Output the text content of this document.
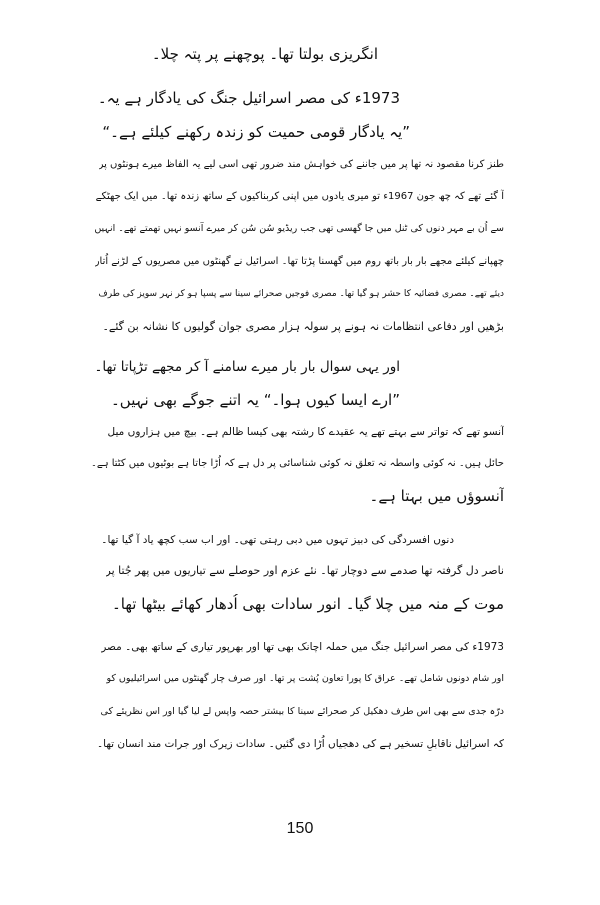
انگریزی بولتا تھا۔ پوچھنے پر پتہ چلا۔
1973ء کی مصر اسرائیل جنگ کی یادگار ہے یہ۔
”یہ یادگار قومی حمیت کو زندہ رکھنے کیلئے ہے۔“
طنز کرنا مقصود نہ تھا پر میں جاننے کی خواہش مند ضرور تھی اسی لیے یہ الفاظ میرے ہونٹوں پر
آ گئے تھے کہ چھ جون 1967ء تو میری یادوں میں اپنی کربناکیوں کے ساتھ زندہ تھا۔ میں ایک جھٹکے
سے اُن بے مہر دنوں کی ٹنل میں جا گھسی تھی جب ریڈیو سُن سُن کر میرے آنسو نہیں تھمتے تھے۔ انہیں
چھپانے کیلئے مجھے بار بار باتھ روم میں گھسنا پڑتا تھا۔ اسرائیل نے گھنٹوں میں مصریوں کے لڑنے اُتار
دیئے تھے۔ مصری فضائیہ کا حشر ہو گیا تھا۔ مصری فوجیں صحرائے سینا سے پسپا ہو کر نہر سویز کی طرف
بڑھیں اور دفاعی انتظامات نہ ہونے پر سولہ ہزار مصری جوان گولیوں کا نشانہ بن گئے۔
اور یہی سوال بار بار میرے سامنے آ کر مجھے تڑپاتا تھا۔
”ارے ایسا کیوں ہوا۔“ یہ اتنے جوگے بھی نہیں۔
آنسو تھے کہ تواتر سے بہتے تھے یہ عقیدے کا رشتہ بھی کیسا ظالم ہے۔ بیچ میں ہزاروں میل
حائل ہیں۔ نہ کوئی واسطہ نہ تعلق نہ کوئی شناسائی پر دل ہے کہ اُڑا جاتا ہے بوٹیوں میں کٹتا ہے۔
آنسوؤں میں بہتا ہے۔
دنوں افسردگی کی دبیز تہوں میں دبی رہتی تھی۔ اور اب سب کچھ یاد آ گیا تھا۔
ناصر دل گرفتہ تھا صدمے سے دوچار تھا۔ نئے عزم اور حوصلے سے تیاریوں میں پھر جُتا پر
موت کے منہ میں چلا گیا۔ انور سادات بھی اُدھار کھائے بیٹھا تھا۔
1973ء کی مصر اسرائیل جنگ میں حملہ اچانک بھی تھا اور بھرپور تیاری کے ساتھ بھی۔ مصر
اور شام دونوں شامل تھے۔ عراق کا پورا تعاون پُشت پر تھا۔ اور صرف چار گھنٹوں میں اسرائیلیوں کو
درّہ جدی سے بھی اس طرف دھکیل کر صحرائے سینا کا بیشتر حصہ واپس لے لیا گیا اور اس نظریئے کی
کہ اسرائیل ناقابلِ تسخیر ہے کی دھجیاں اُڑا دی گئیں۔ سادات زیرک اور جرات مند انسان تھا۔
150
